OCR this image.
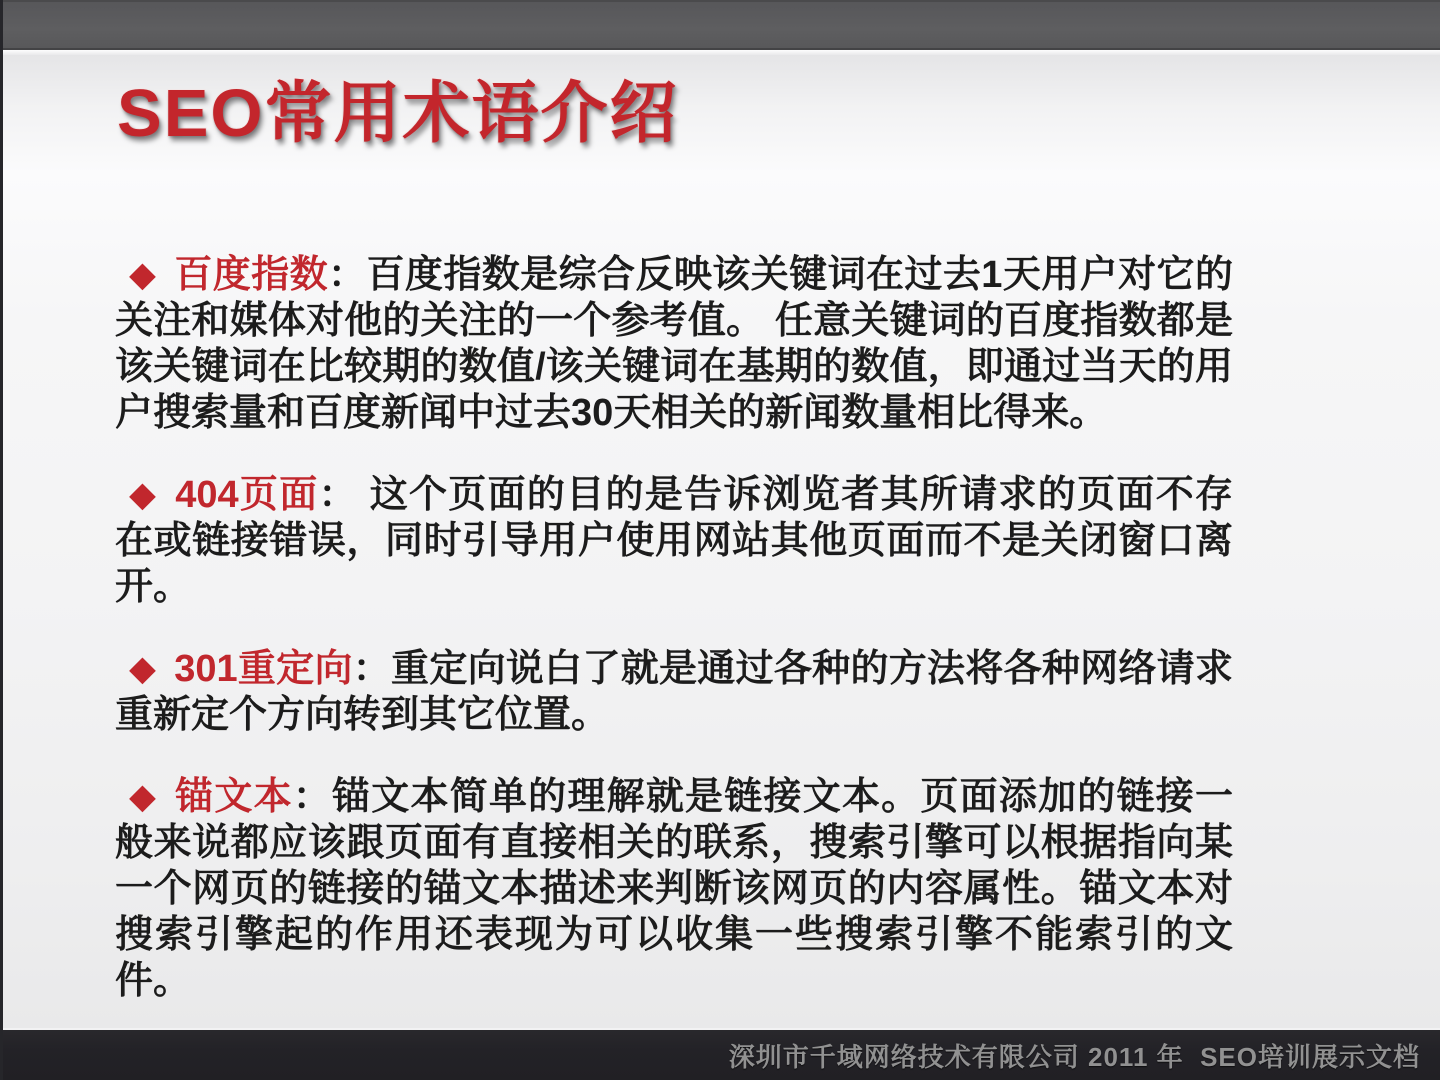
SEO常用术语介绍

◆ 百度指数：百度指数是综合反映该关键词在过去1天用户对它的关注和媒体对他的关注的一个参考值。 任意关键词的百度指数都是该关键词在比较期的数值/该关键词在基期的数值，即通过当天的用户搜索量和百度新闻中过去30天相关的新闻数量相比得来。

◆ 404页面： 这个页面的目的是告诉浏览者其所请求的页面不存在或链接错误，同时引导用户使用网站其他页面而不是关闭窗口离开。

◆ 301重定向：重定向说白了就是通过各种的方法将各种网络请求重新定个方向转到其它位置。

◆ 锚文本：锚文本简单的理解就是链接文本。页面添加的链接一般来说都应该跟页面有直接相关的联系，搜索引擎可以根据指向某一个网页的链接的锚文本描述来判断该网页的内容属性。锚文本对搜索引擎起的作用还表现为可以收集一些搜索引擎不能索引的文件。

深圳市千域网络技术有限公司 2011 年  SEO培训展示文档
